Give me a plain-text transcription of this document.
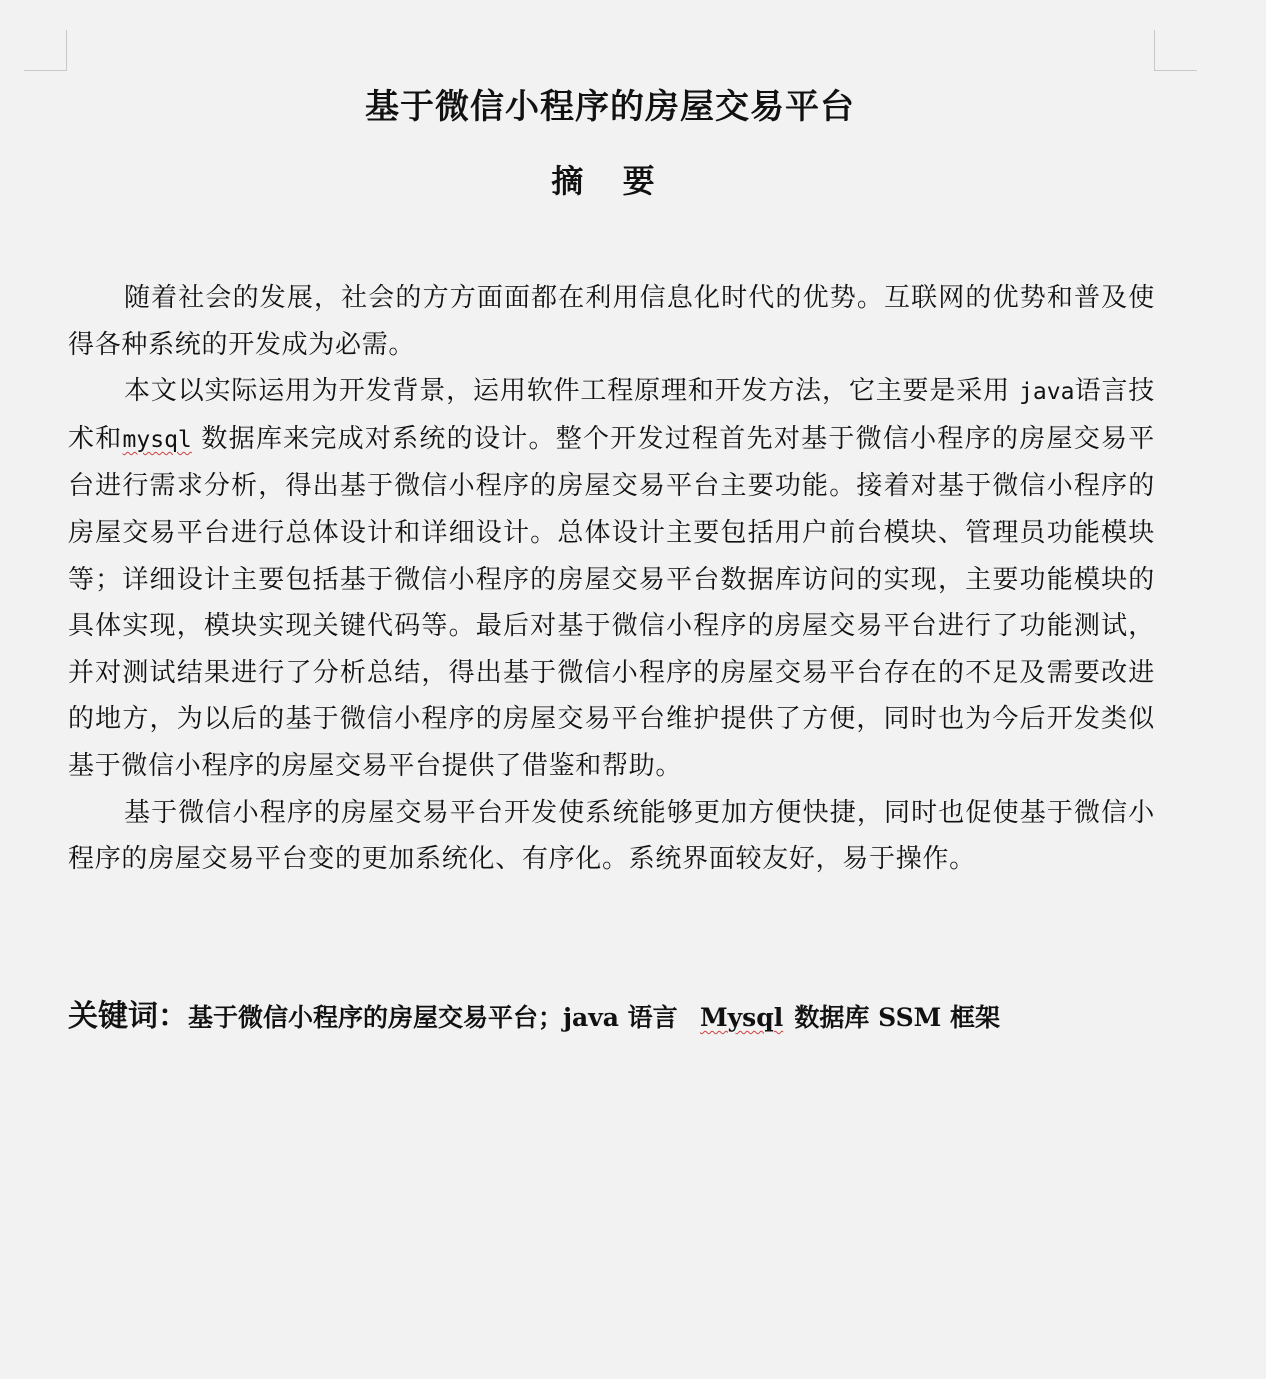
基于微信小程序的房屋交易平台
摘 要

随着社会的发展，社会的方方面面都在利用信息化时代的优势。互联网的优势和普及使得各种系统的开发成为必需。

本文以实际运用为开发背景，运用软件工程原理和开发方法，它主要是采用 java语言技术和mysql 数据库来完成对系统的设计。整个开发过程首先对基于微信小程序的房屋交易平台进行需求分析，得出基于微信小程序的房屋交易平台主要功能。接着对基于微信小程序的房屋交易平台进行总体设计和详细设计。总体设计主要包括用户前台模块、管理员功能模块等；详细设计主要包括基于微信小程序的房屋交易平台数据库访问的实现，主要功能模块的具体实现，模块实现关键代码等。最后对基于微信小程序的房屋交易平台进行了功能测试，并对测试结果进行了分析总结，得出基于微信小程序的房屋交易平台存在的不足及需要改进的地方，为以后的基于微信小程序的房屋交易平台维护提供了方便，同时也为今后开发类似基于微信小程序的房屋交易平台提供了借鉴和帮助。

基于微信小程序的房屋交易平台开发使系统能够更加方便快捷，同时也促使基于微信小程序的房屋交易平台变的更加系统化、有序化。系统界面较友好，易于操作。

关键词：基于微信小程序的房屋交易平台；java 语言 Mysql 数据库 SSM 框架
